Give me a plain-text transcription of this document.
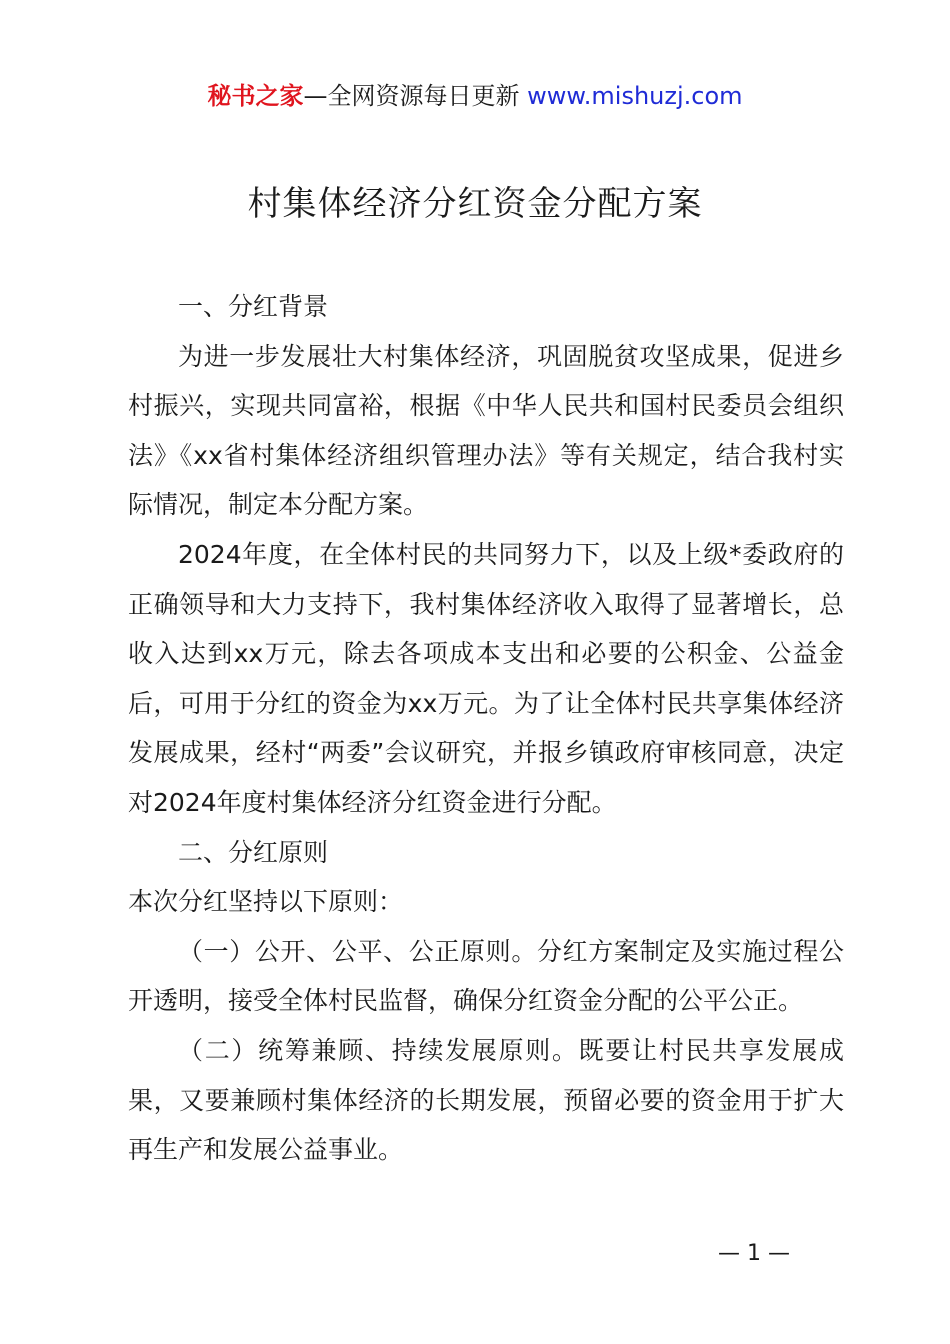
秘书之家—全网资源每日更新 www.mishuzj.com
村集体经济分红资金分配方案

一、分红背景

为进一步发展壮大村集体经济，巩固脱贫攻坚成果，促进乡村振兴，实现共同富裕，根据《中华人民共和国村民委员会组织法》《xx省村集体经济组织管理办法》等有关规定，结合我村实际情况，制定本分配方案。

2024年度，在全体村民的共同努力下，以及上级*委政府的正确领导和大力支持下，我村集体经济收入取得了显著增长，总收入达到xx万元，除去各项成本支出和必要的公积金、公益金后，可用于分红的资金为xx万元。为了让全体村民共享集体经济发展成果，经村“两委”会议研究，并报乡镇政府审核同意，决定对2024年度村集体经济分红资金进行分配。

二、分红原则

本次分红坚持以下原则：

（一）公开、公平、公正原则。分红方案制定及实施过程公开透明，接受全体村民监督，确保分红资金分配的公平公正。

（二）统筹兼顾、持续发展原则。既要让村民共享发展成果，又要兼顾村集体经济的长期发展，预留必要的资金用于扩大再生产和发展公益事业。

— 1 —
